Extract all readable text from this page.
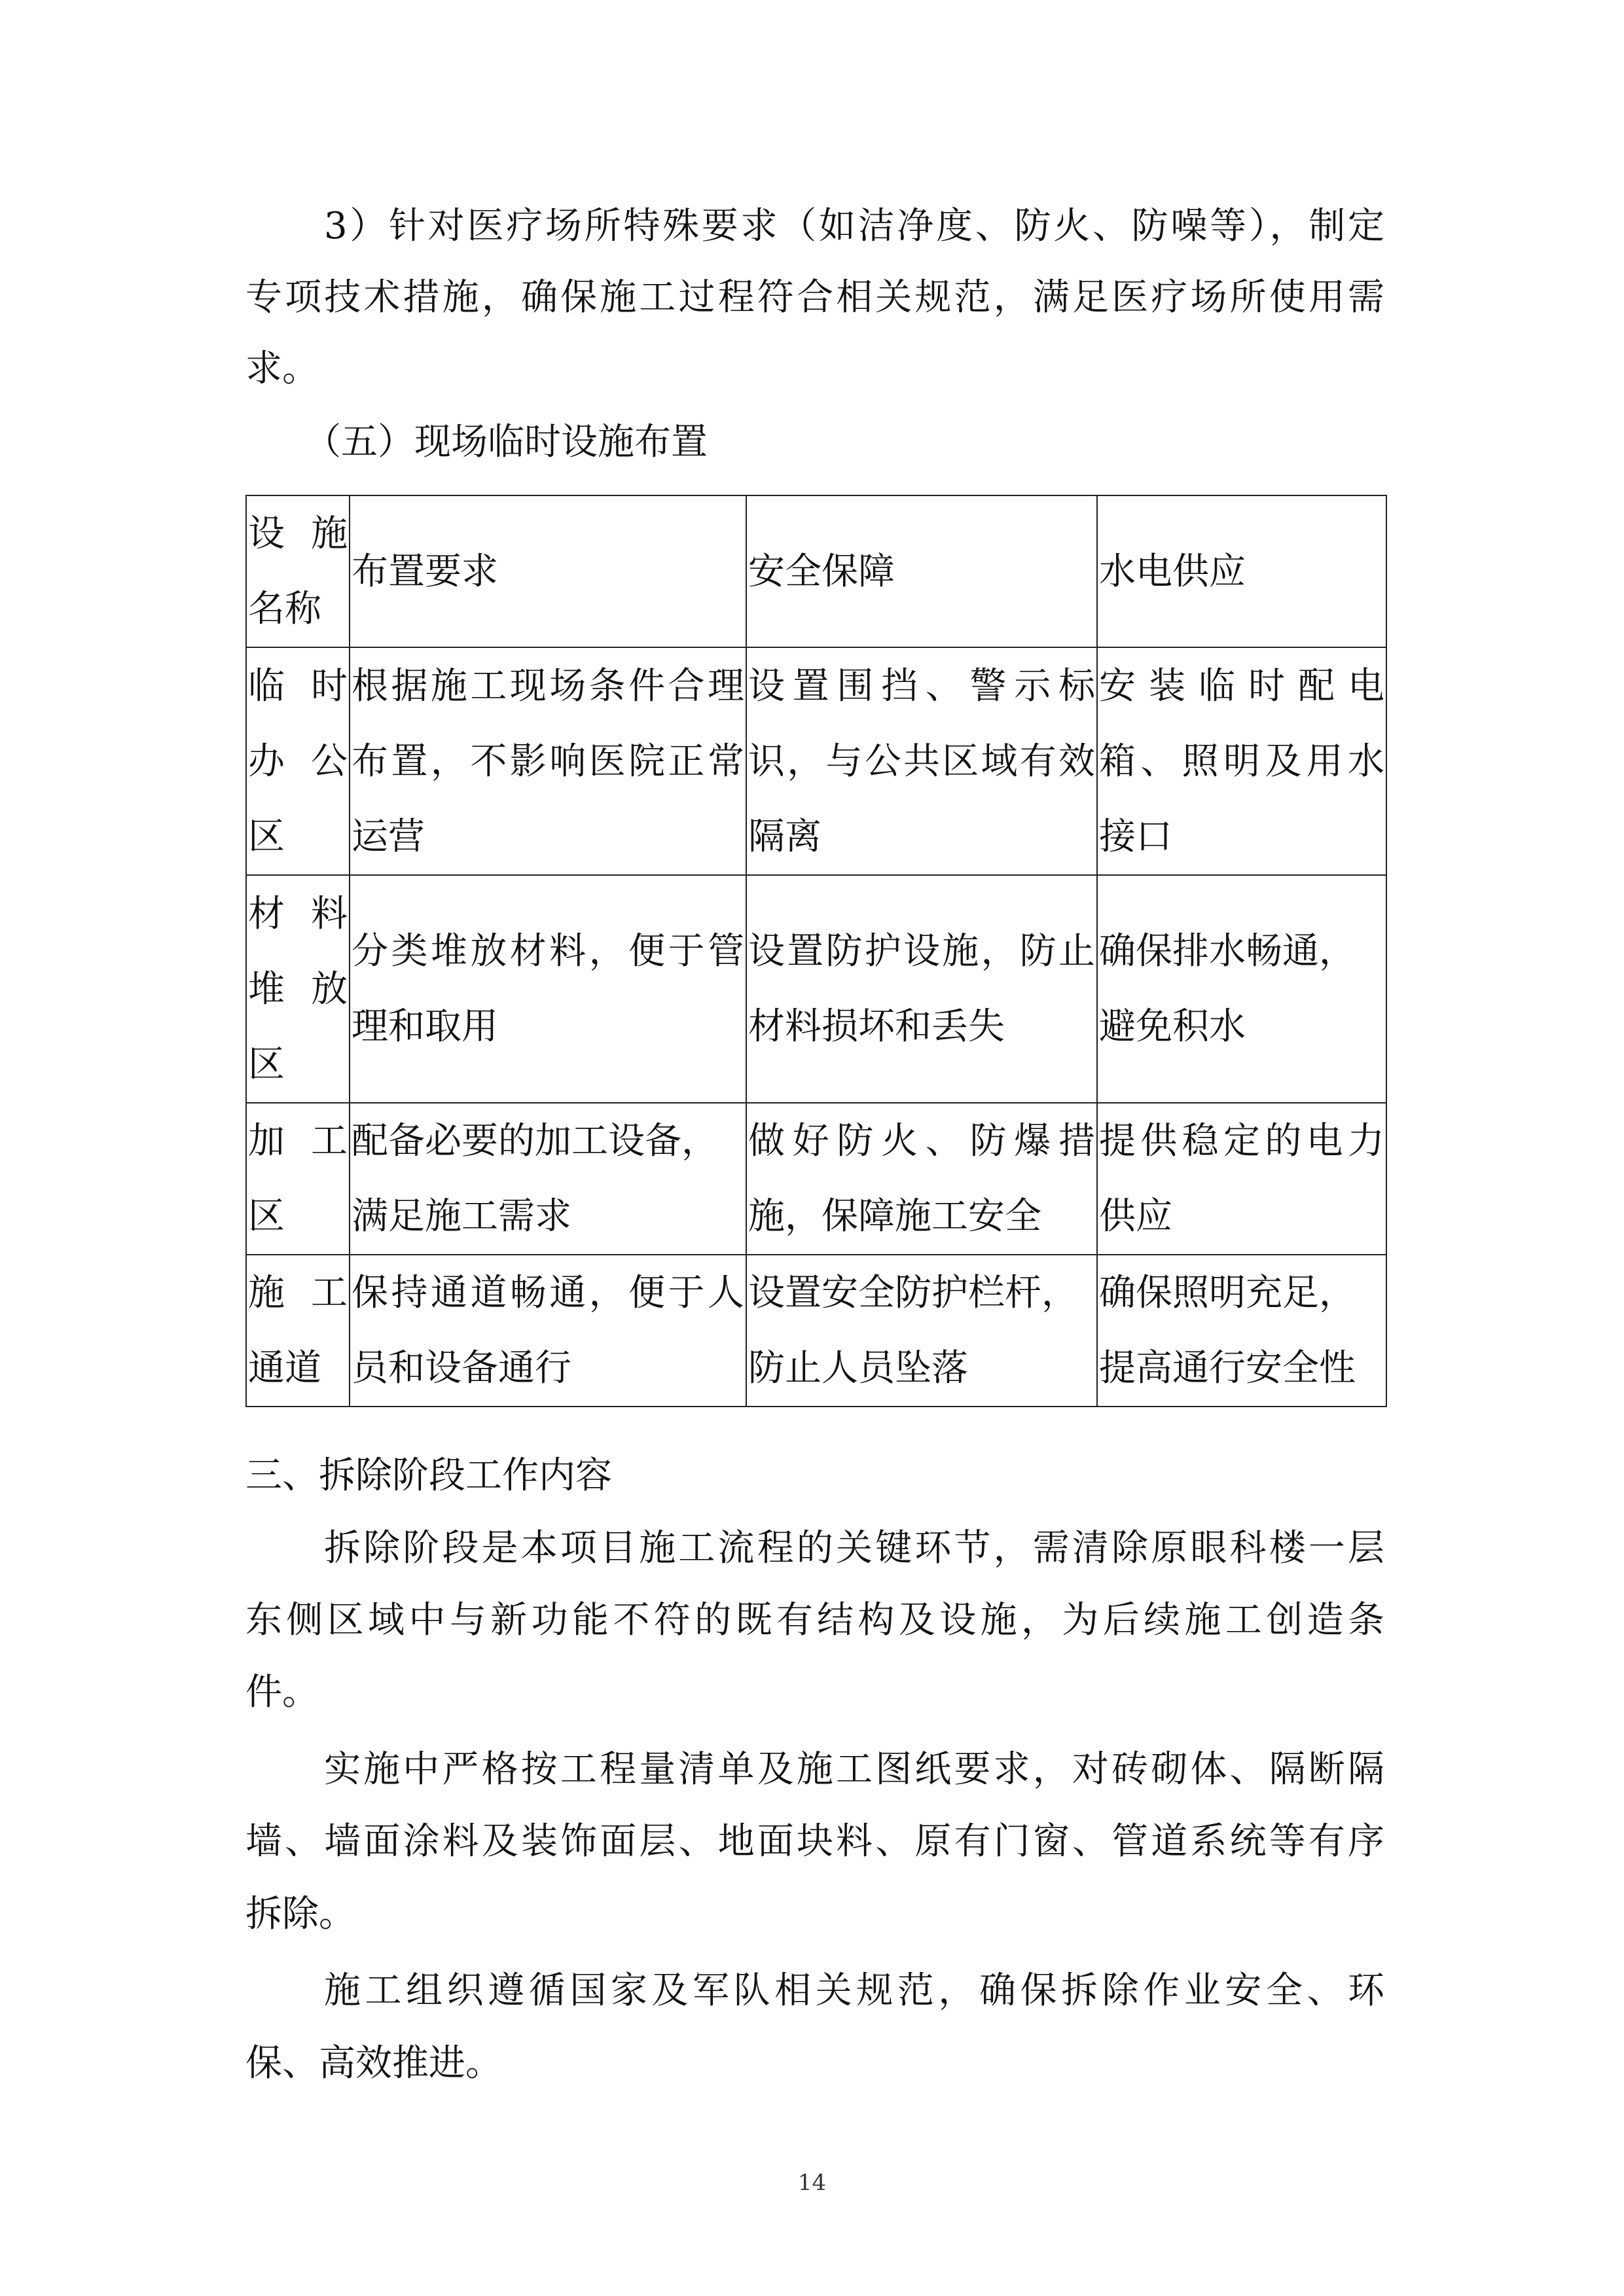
3）针对医疗场所特殊要求（如洁净度、防火、防噪等），制定
专项技术措施，确保施工过程符合相关规范，满足医疗场所使用需
求。
（五）现场临时设施布置
设 施
名称	布置要求	安全保障	水电供应

临 时
办 公
区	根据施工现场条件合理
布置，不影响医院正常
运营	设置围挡、警示标
识，与公共区域有效
隔离	安装临时配电
箱、照明及用水
接口

材 料
堆 放
区	分类堆放材料，便于管
理和取用	设置防护设施，防止
材料损坏和丢失	确保排水畅通，
避免积水

加 工
区	配备必要的加工设备，
满足施工需求	做好防火、防爆措
施，保障施工安全	提供稳定的电力
供应

施 工
通道	保持通道畅通，便于人
员和设备通行	设置安全防护栏杆，
防止人员坠落	确保照明充足，
提高通行安全性
三、拆除阶段工作内容
拆除阶段是本项目施工流程的关键环节，需清除原眼科楼一层
东侧区域中与新功能不符的既有结构及设施，为后续施工创造条
件。
实施中严格按工程量清单及施工图纸要求，对砖砌体、隔断隔
墙、墙面涂料及装饰面层、地面块料、原有门窗、管道系统等有序
拆除。
施工组织遵循国家及军队相关规范，确保拆除作业安全、环
保、高效推进。
14
